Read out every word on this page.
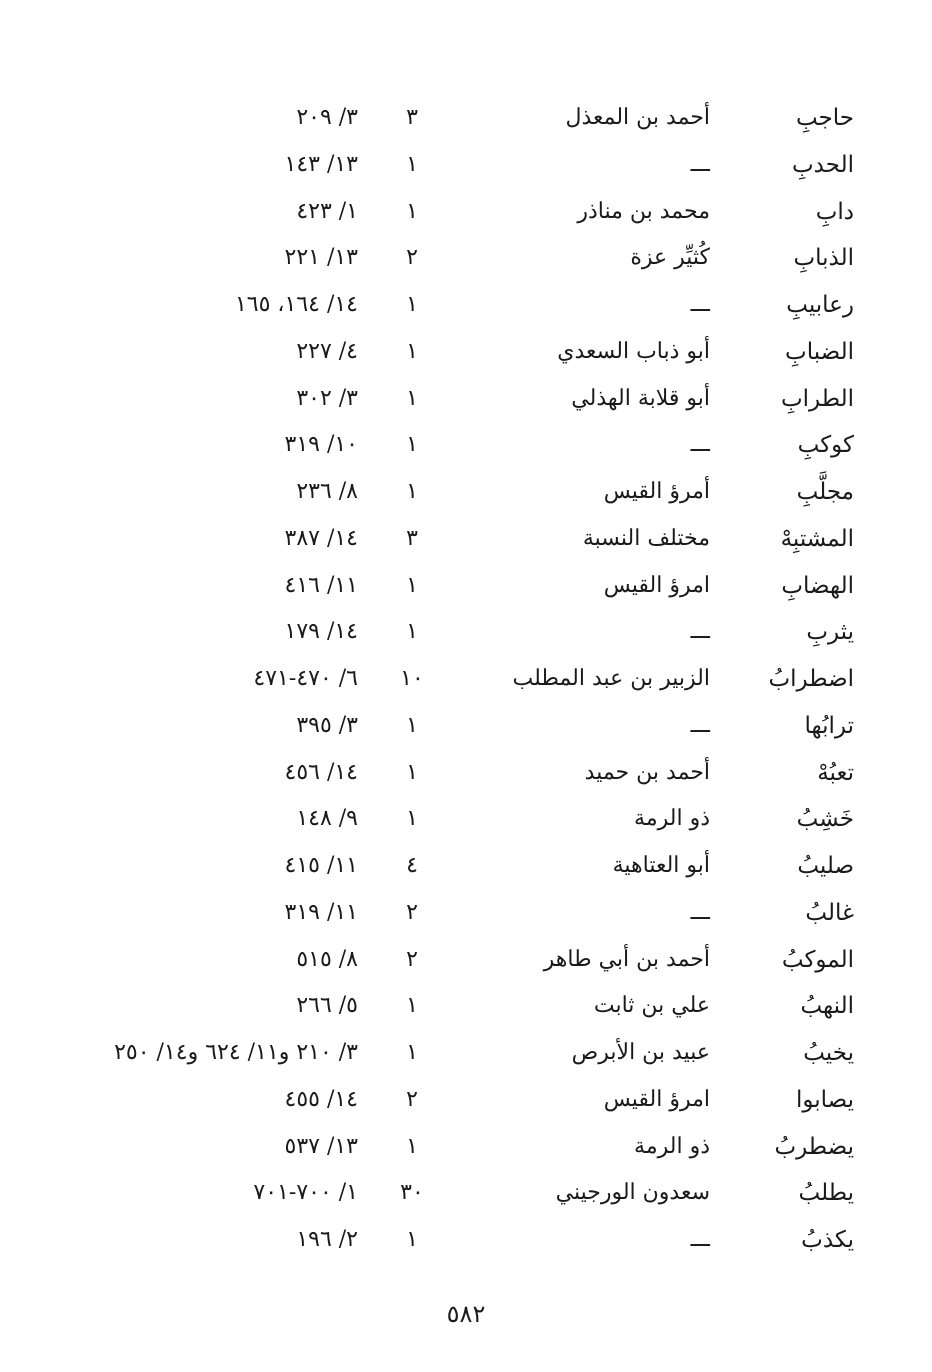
حاجبِ
أحمد بن المعذل
٣
٣/ ٢٠٩
الحدبِ
ـــ
١
١٣/ ١٤٣
دابِ
محمد بن مناذر
١
١/ ٤٢٣
الذبابِ
كُثيِّر عزة
٢
١٣/ ٢٢١
رعابيبِ
ـــ
١
١٤/ ١٦٤، ١٦٥
الضبابِ
أبو ذباب السعدي
١
٤/ ٢٢٧
الطرابِ
أبو قلابة الهذلي
١
٣/ ٣٠٢
كوكبِ
ـــ
١
١٠/ ٣١٩
مجلَّبِ
أمرؤ القيس
١
٨/ ٢٣٦
المشتبِهْ
مختلف النسبة
٣
١٤/ ٣٨٧
الهضابِ
امرؤ القيس
١
١١/ ٤١٦
يثربِ
ـــ
١
١٤/ ١٧٩
اضطرابُ
الزبير بن عبد المطلب
١٠
٦/ ٤٧٠-٤٧١
ترابُها
ـــ
١
٣/ ٣٩٥
تعبُهْ
أحمد بن حميد
١
١٤/ ٤٥٦
خَشِبُ
ذو الرمة
١
٩/ ١٤٨
صليبُ
أبو العتاهية
٤
١١/ ٤١٥
غالبُ
ـــ
٢
١١/ ٣١٩
الموكبُ
أحمد بن أبي طاهر
٢
٨/ ٥١٥
النهبُ
علي بن ثابت
١
٥/ ٢٦٦
يخيبُ
عبيد بن الأبرص
١
٣/ ٢١٠ و١١/ ٦٢٤ و١٤/ ٢٥٠
يصابوا
امرؤ القيس
٢
١٤/ ٤٥٥
يضطربُ
ذو الرمة
١
١٣/ ٥٣٧
يطلبُ
سعدون الورجيني
٣٠
١/ ٧٠٠-٧٠١
يكذبُ
ـــ
١
٢/ ١٩٦
٥٨٢
